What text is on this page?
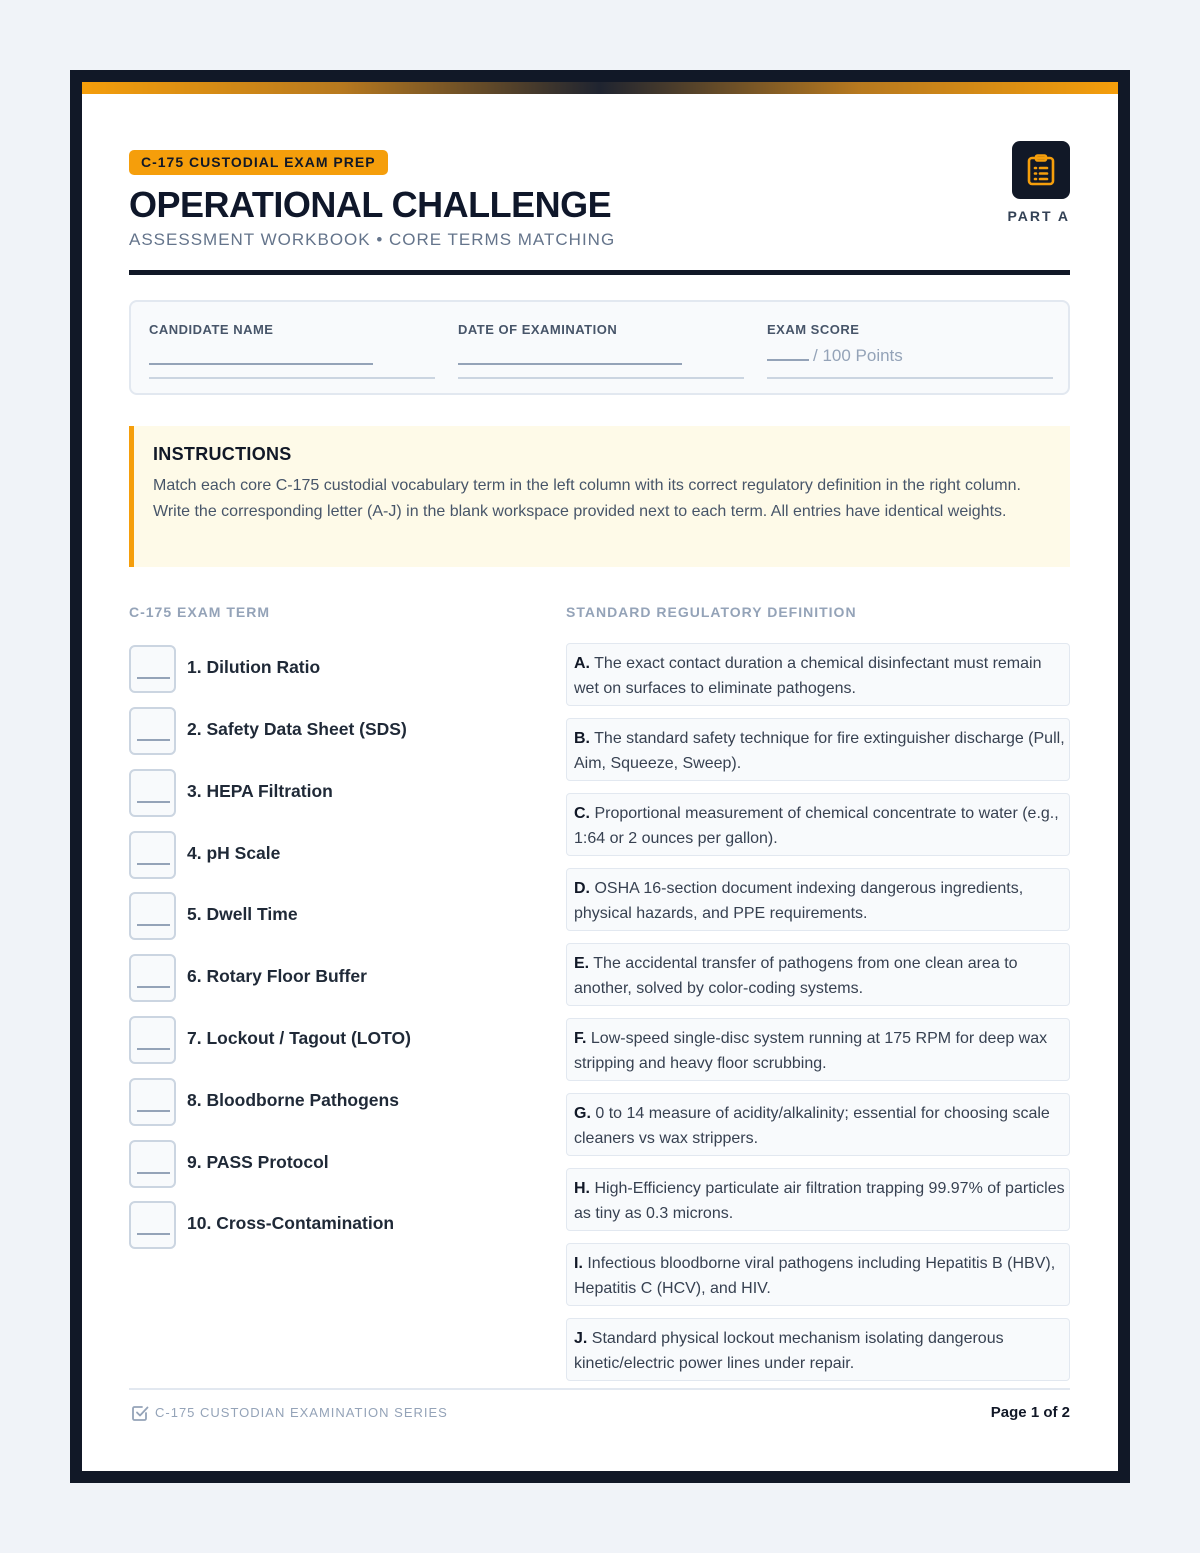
C-175 CUSTODIAL EXAM PREP
OPERATIONAL CHALLENGE
ASSESSMENT WORKBOOK • CORE TERMS MATCHING
PART A
CANDIDATE NAME	DATE OF EXAMINATION	EXAM SCORE
/ 100 Points
INSTRUCTIONS

Match each core C-175 custodial vocabulary term in the left column with its correct regulatory definition in the right column. Write the corresponding letter (A-J) in the blank workspace provided next to each term. All entries have identical weights.

C-175 EXAM TERM	STANDARD REGULATORY DEFINITION
1. Dilution Ratio
2. Safety Data Sheet (SDS)
3. HEPA Filtration
4. pH Scale
5. Dwell Time
6. Rotary Floor Buffer
7. Lockout / Tagout (LOTO)
8. Bloodborne Pathogens
9. PASS Protocol
10. Cross-Contamination
A. The exact contact duration a chemical disinfectant must remain wet on surfaces to eliminate pathogens.
B. The standard safety technique for fire extinguisher discharge (Pull, Aim, Squeeze, Sweep).
C. Proportional measurement of chemical concentrate to water (e.g., 1:64 or 2 ounces per gallon).
D. OSHA 16-section document indexing dangerous ingredients, physical hazards, and PPE requirements.
E. The accidental transfer of pathogens from one clean area to another, solved by color-coding systems.
F. Low-speed single-disc system running at 175 RPM for deep wax stripping and heavy floor scrubbing.
G. 0 to 14 measure of acidity/alkalinity; essential for choosing scale cleaners vs wax strippers.
H. High-Efficiency particulate air filtration trapping 99.97% of particles as tiny as 0.3 microns.
I. Infectious bloodborne viral pathogens including Hepatitis B (HBV), Hepatitis C (HCV), and HIV.
J. Standard physical lockout mechanism isolating dangerous kinetic/electric power lines under repair.
C-175 CUSTODIAN EXAMINATION SERIES	Page 1 of 2
